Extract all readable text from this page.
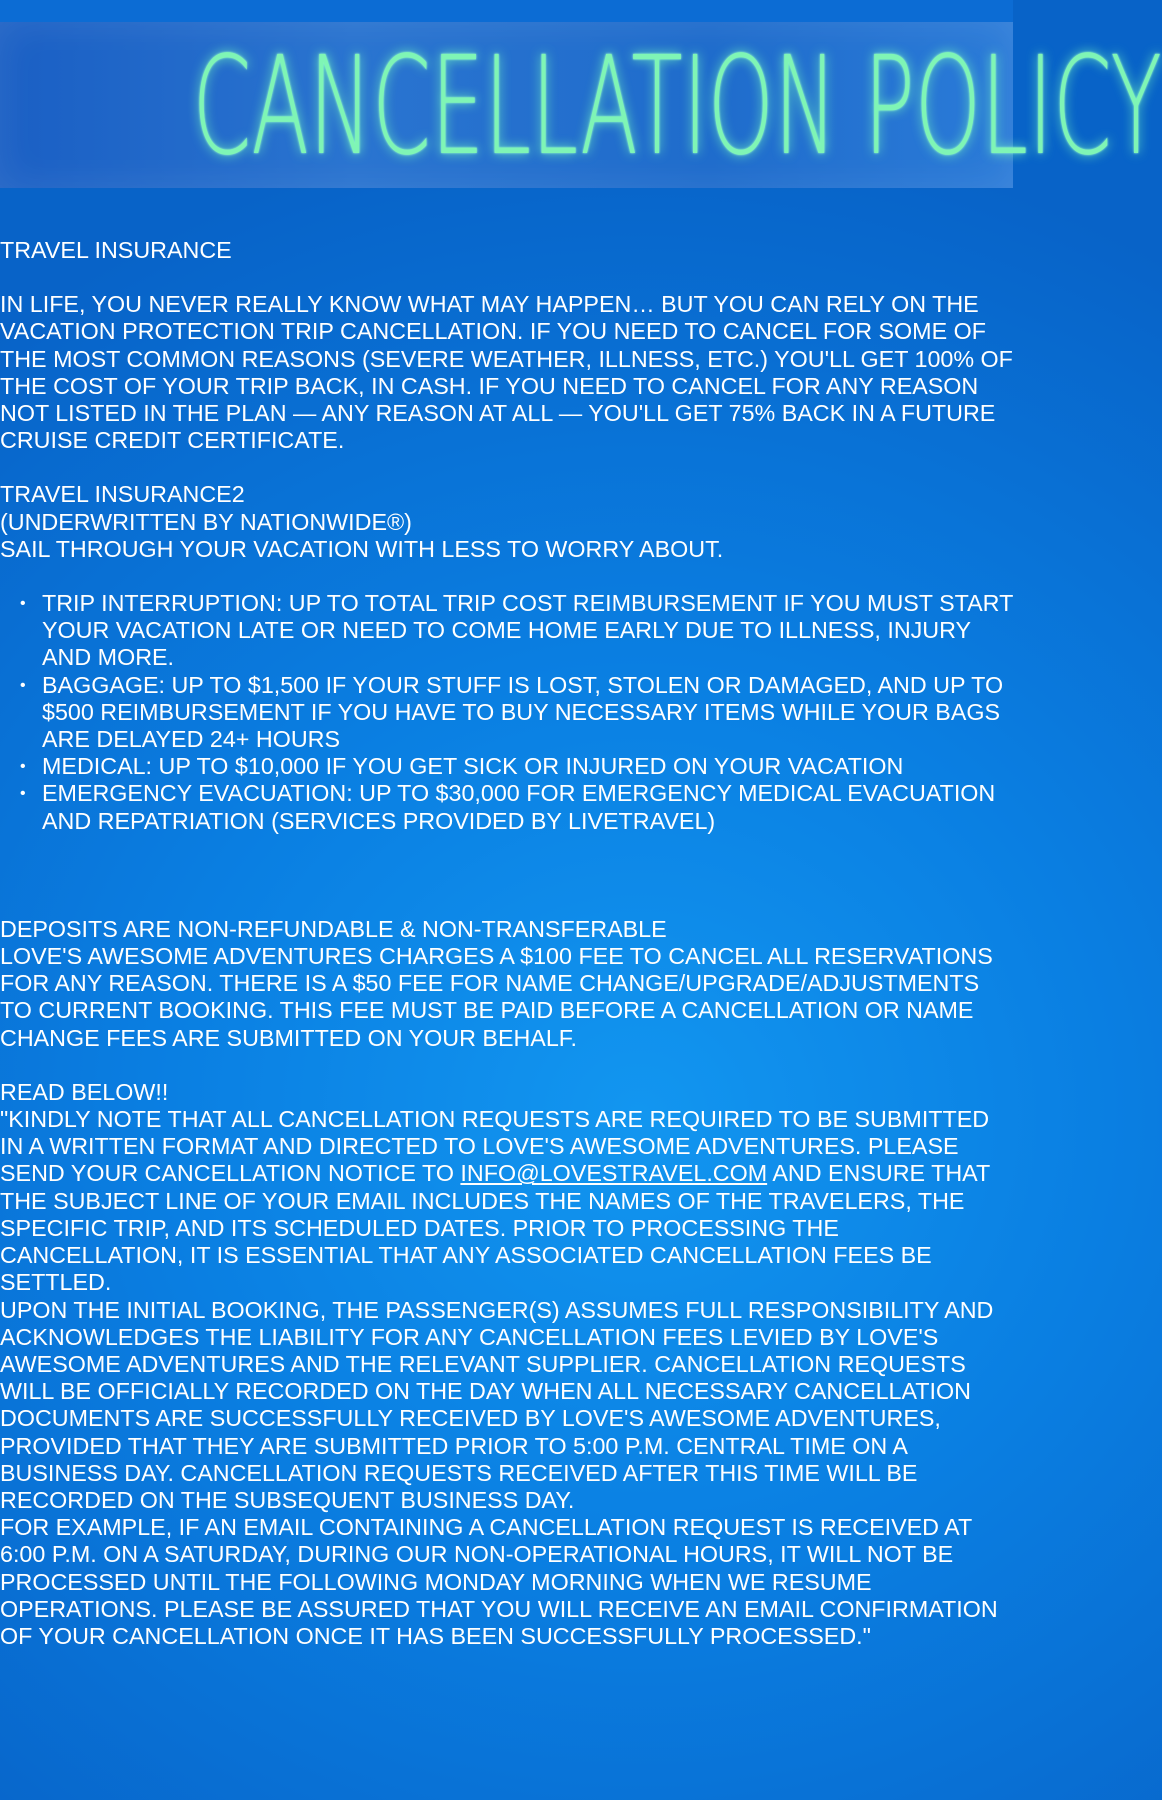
CANCELLATION POLICY

TRAVEL INSURANCE

IN LIFE, YOU NEVER REALLY KNOW WHAT MAY HAPPEN… BUT YOU CAN RELY ON THE VACATION PROTECTION TRIP CANCELLATION. IF YOU NEED TO CANCEL FOR SOME OF THE MOST COMMON REASONS (SEVERE WEATHER, ILLNESS, ETC.) YOU'LL GET 100% OF THE COST OF YOUR TRIP BACK, IN CASH. IF YOU NEED TO CANCEL FOR ANY REASON NOT LISTED IN THE PLAN — ANY REASON AT ALL — YOU'LL GET 75% BACK IN A FUTURE CRUISE CREDIT CERTIFICATE.

TRAVEL INSURANCE2

(UNDERWRITTEN BY NATIONWIDE®)

SAIL THROUGH YOUR VACATION WITH LESS TO WORRY ABOUT.

• TRIP INTERRUPTION: UP TO TOTAL TRIP COST REIMBURSEMENT IF YOU MUST START YOUR VACATION LATE OR NEED TO COME HOME EARLY DUE TO ILLNESS, INJURY AND MORE.
• BAGGAGE: UP TO $1,500 IF YOUR STUFF IS LOST, STOLEN OR DAMAGED, AND UP TO $500 REIMBURSEMENT IF YOU HAVE TO BUY NECESSARY ITEMS WHILE YOUR BAGS ARE DELAYED 24+ HOURS
• MEDICAL: UP TO $10,000 IF YOU GET SICK OR INJURED ON YOUR VACATION
• EMERGENCY EVACUATION: UP TO $30,000 FOR EMERGENCY MEDICAL EVACUATION AND REPATRIATION (SERVICES PROVIDED BY LIVETRAVEL)

DEPOSITS ARE NON-REFUNDABLE & NON-TRANSFERABLE

LOVE'S AWESOME ADVENTURES CHARGES A $100 FEE TO CANCEL ALL RESERVATIONS FOR ANY REASON. THERE IS A $50 FEE FOR NAME CHANGE/UPGRADE/ADJUSTMENTS TO CURRENT BOOKING. THIS FEE MUST BE PAID BEFORE A CANCELLATION OR NAME CHANGE FEES ARE SUBMITTED ON YOUR BEHALF.

READ BELOW!!

"KINDLY NOTE THAT ALL CANCELLATION REQUESTS ARE REQUIRED TO BE SUBMITTED IN A WRITTEN FORMAT AND DIRECTED TO LOVE'S AWESOME ADVENTURES. PLEASE SEND YOUR CANCELLATION NOTICE TO INFO@LOVESTRAVEL.COM AND ENSURE THAT THE SUBJECT LINE OF YOUR EMAIL INCLUDES THE NAMES OF THE TRAVELERS, THE SPECIFIC TRIP, AND ITS SCHEDULED DATES. PRIOR TO PROCESSING THE CANCELLATION, IT IS ESSENTIAL THAT ANY ASSOCIATED CANCELLATION FEES BE SETTLED.

UPON THE INITIAL BOOKING, THE PASSENGER(S) ASSUMES FULL RESPONSIBILITY AND ACKNOWLEDGES THE LIABILITY FOR ANY CANCELLATION FEES LEVIED BY LOVE'S AWESOME ADVENTURES AND THE RELEVANT SUPPLIER. CANCELLATION REQUESTS WILL BE OFFICIALLY RECORDED ON THE DAY WHEN ALL NECESSARY CANCELLATION DOCUMENTS ARE SUCCESSFULLY RECEIVED BY LOVE'S AWESOME ADVENTURES, PROVIDED THAT THEY ARE SUBMITTED PRIOR TO 5:00 P.M. CENTRAL TIME ON A BUSINESS DAY. CANCELLATION REQUESTS RECEIVED AFTER THIS TIME WILL BE RECORDED ON THE SUBSEQUENT BUSINESS DAY.

FOR EXAMPLE, IF AN EMAIL CONTAINING A CANCELLATION REQUEST IS RECEIVED AT 6:00 P.M. ON A SATURDAY, DURING OUR NON-OPERATIONAL HOURS, IT WILL NOT BE PROCESSED UNTIL THE FOLLOWING MONDAY MORNING WHEN WE RESUME OPERATIONS. PLEASE BE ASSURED THAT YOU WILL RECEIVE AN EMAIL CONFIRMATION OF YOUR CANCELLATION ONCE IT HAS BEEN SUCCESSFULLY PROCESSED."
